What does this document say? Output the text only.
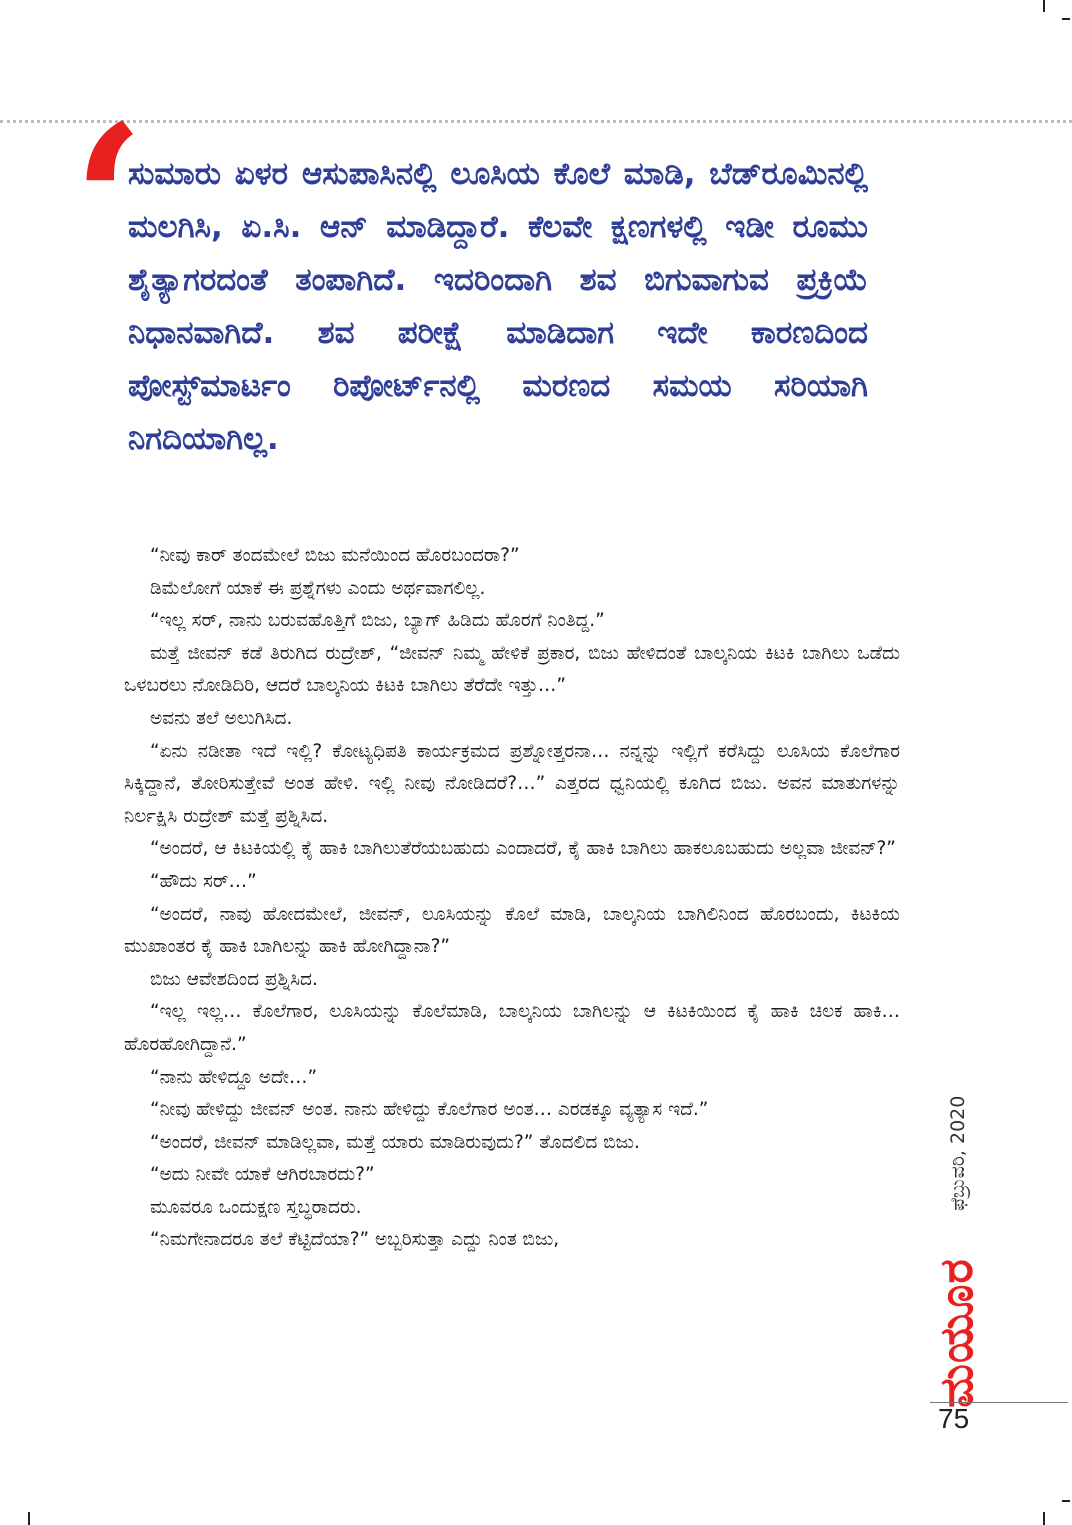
‘
ಸುಮಾರು ಏಳರ ಆಸುಪಾಸಿನಲ್ಲಿ ಲೂಸಿಯ ಕೊಲೆ ಮಾಡಿ, ಬೆಡ್‌ರೂಮಿನಲ್ಲಿ ಮಲಗಿಸಿ, ಏ.ಸಿ. ಆನ್ ಮಾಡಿದ್ದಾರೆ. ಕೆಲವೇ ಕ್ಷಣಗಳಲ್ಲಿ ಇಡೀ ರೂಮು ಶೈತ್ಯಾಗರದಂತೆ ತಂಪಾಗಿದೆ. ಇದರಿಂದಾಗಿ ಶವ ಬಿಗುವಾಗುವ ಪ್ರಕ್ರಿಯೆ ನಿಧಾನವಾಗಿದೆ. ಶವ ಪರೀಕ್ಷೆ ಮಾಡಿದಾಗ ಇದೇ ಕಾರಣದಿಂದ ಪೋಸ್ಟ್‌ಮಾರ್ಟಂ ರಿಪೋರ್ಟ್‌ನಲ್ಲಿ ಮರಣದ ಸಮಯ ಸರಿಯಾಗಿ ನಿಗದಿಯಾಗಿಲ್ಲ.

“ನೀವು ಕಾರ್ ತಂದಮೇಲೆ ಬಿಜು ಮನೆಯಿಂದ ಹೊರಬಂದರಾ?”

ಡಿಮೆಲೋಗೆ ಯಾಕೆ ಈ ಪ್ರಶ್ನೆಗಳು ಎಂದು ಅರ್ಥವಾಗಲಿಲ್ಲ.

“ಇಲ್ಲ ಸರ್, ನಾನು ಬರುವಹೊತ್ತಿಗೆ ಬಿಜು, ಬ್ಯಾಗ್ ಹಿಡಿದು ಹೊರಗೆ ನಿಂತಿದ್ದ.”

ಮತ್ತೆ ಜೀವನ್ ಕಡೆ ತಿರುಗಿದ ರುದ್ರೇಶ್, “ಜೀವನ್ ನಿಮ್ಮ ಹೇಳಿಕೆ ಪ್ರಕಾರ, ಬಿಜು ಹೇಳಿದಂತೆ ಬಾಲ್ಕನಿಯ ಕಿಟಕಿ ಬಾಗಿಲು ಒಡೆದು ಒಳಬರಲು ನೋಡಿದಿರಿ, ಆದರೆ ಬಾಲ್ಕನಿಯ ಕಿಟಕಿ ಬಾಗಿಲು ತೆರೆದೇ ಇತ್ತು…”

ಅವನು ತಲೆ ಅಲುಗಿಸಿದ.

“ಏನು ನಡೀತಾ ಇದೆ ಇಲ್ಲಿ? ಕೋಟ್ಯಧಿಪತಿ ಕಾರ್ಯಕ್ರಮದ ಪ್ರಶ್ನೋತ್ತರನಾ… ನನ್ನನ್ನು ಇಲ್ಲಿಗೆ ಕರೆಸಿದ್ದು ಲೂಸಿಯ ಕೊಲೆಗಾರ ಸಿಕ್ಕಿದ್ದಾನೆ, ತೋರಿಸುತ್ತೇವೆ ಅಂತ ಹೇಳಿ. ಇಲ್ಲಿ ನೀವು ನೋಡಿದರೆ?…” ಎತ್ತರದ ಧ್ವನಿಯಲ್ಲಿ ಕೂಗಿದ ಬಿಜು. ಅವನ ಮಾತುಗಳನ್ನು ನಿರ್ಲಕ್ಷಿಸಿ ರುದ್ರೇಶ್ ಮತ್ತೆ ಪ್ರಶ್ನಿಸಿದ.

“ಅಂದರೆ, ಆ ಕಿಟಕಿಯಲ್ಲಿ ಕೈ ಹಾಕಿ ಬಾಗಿಲುತೆರೆಯಬಹುದು ಎಂದಾದರೆ, ಕೈ ಹಾಕಿ ಬಾಗಿಲು ಹಾಕಲೂಬಹುದು ಅಲ್ಲವಾ ಜೀವನ್?”

“ಹೌದು ಸರ್…”

“ಅಂದರೆ, ನಾವು ಹೋದಮೇಲೆ, ಜೀವನ್, ಲೂಸಿಯನ್ನು ಕೊಲೆ ಮಾಡಿ, ಬಾಲ್ಕನಿಯ ಬಾಗಿಲಿನಿಂದ ಹೊರಬಂದು, ಕಿಟಕಿಯ ಮುಖಾಂತರ ಕೈ ಹಾಕಿ ಬಾಗಿಲನ್ನು ಹಾಕಿ ಹೋಗಿದ್ದಾನಾ?”

ಬಿಜು ಆವೇಶದಿಂದ ಪ್ರಶ್ನಿಸಿದ.

“ಇಲ್ಲ ಇಲ್ಲ… ಕೊಲೆಗಾರ, ಲೂಸಿಯನ್ನು ಕೊಲೆಮಾಡಿ, ಬಾಲ್ಕನಿಯ ಬಾಗಿಲನ್ನು ಆ ಕಿಟಕಿಯಿಂದ ಕೈ ಹಾಕಿ ಚಿಲಕ ಹಾಕಿ… ಹೊರಹೋಗಿದ್ದಾನೆ.”

“ನಾನು ಹೇಳಿದ್ದೂ ಅದೇ…”

“ನೀವು ಹೇಳಿದ್ದು ಜೀವನ್ ಅಂತ. ನಾನು ಹೇಳಿದ್ದು ಕೊಲೆಗಾರ ಅಂತ… ಎರಡಕ್ಕೂ ವ್ಯತ್ಯಾಸ ಇದೆ.”

“ಅಂದರೆ, ಜೀವನ್ ಮಾಡಿಲ್ಲವಾ, ಮತ್ತೆ ಯಾರು ಮಾಡಿರುವುದು?” ತೊದಲಿದ ಬಿಜು.

“ಅದು ನೀವೇ ಯಾಕೆ ಆಗಿರಬಾರದು?”

ಮೂವರೂ ಒಂದುಕ್ಷಣ ಸ್ತಬ್ಧರಾದರು.

“ನಿಮಗೇನಾದರೂ ತಲೆ ಕೆಟ್ಟಿದೆಯಾ?” ಅಬ್ಬರಿಸುತ್ತಾ ಎದ್ದು ನಿಂತ ಬಿಜು,

ಫೆಬ್ರುವರಿ, 2020
ಮಯೂರ
75
